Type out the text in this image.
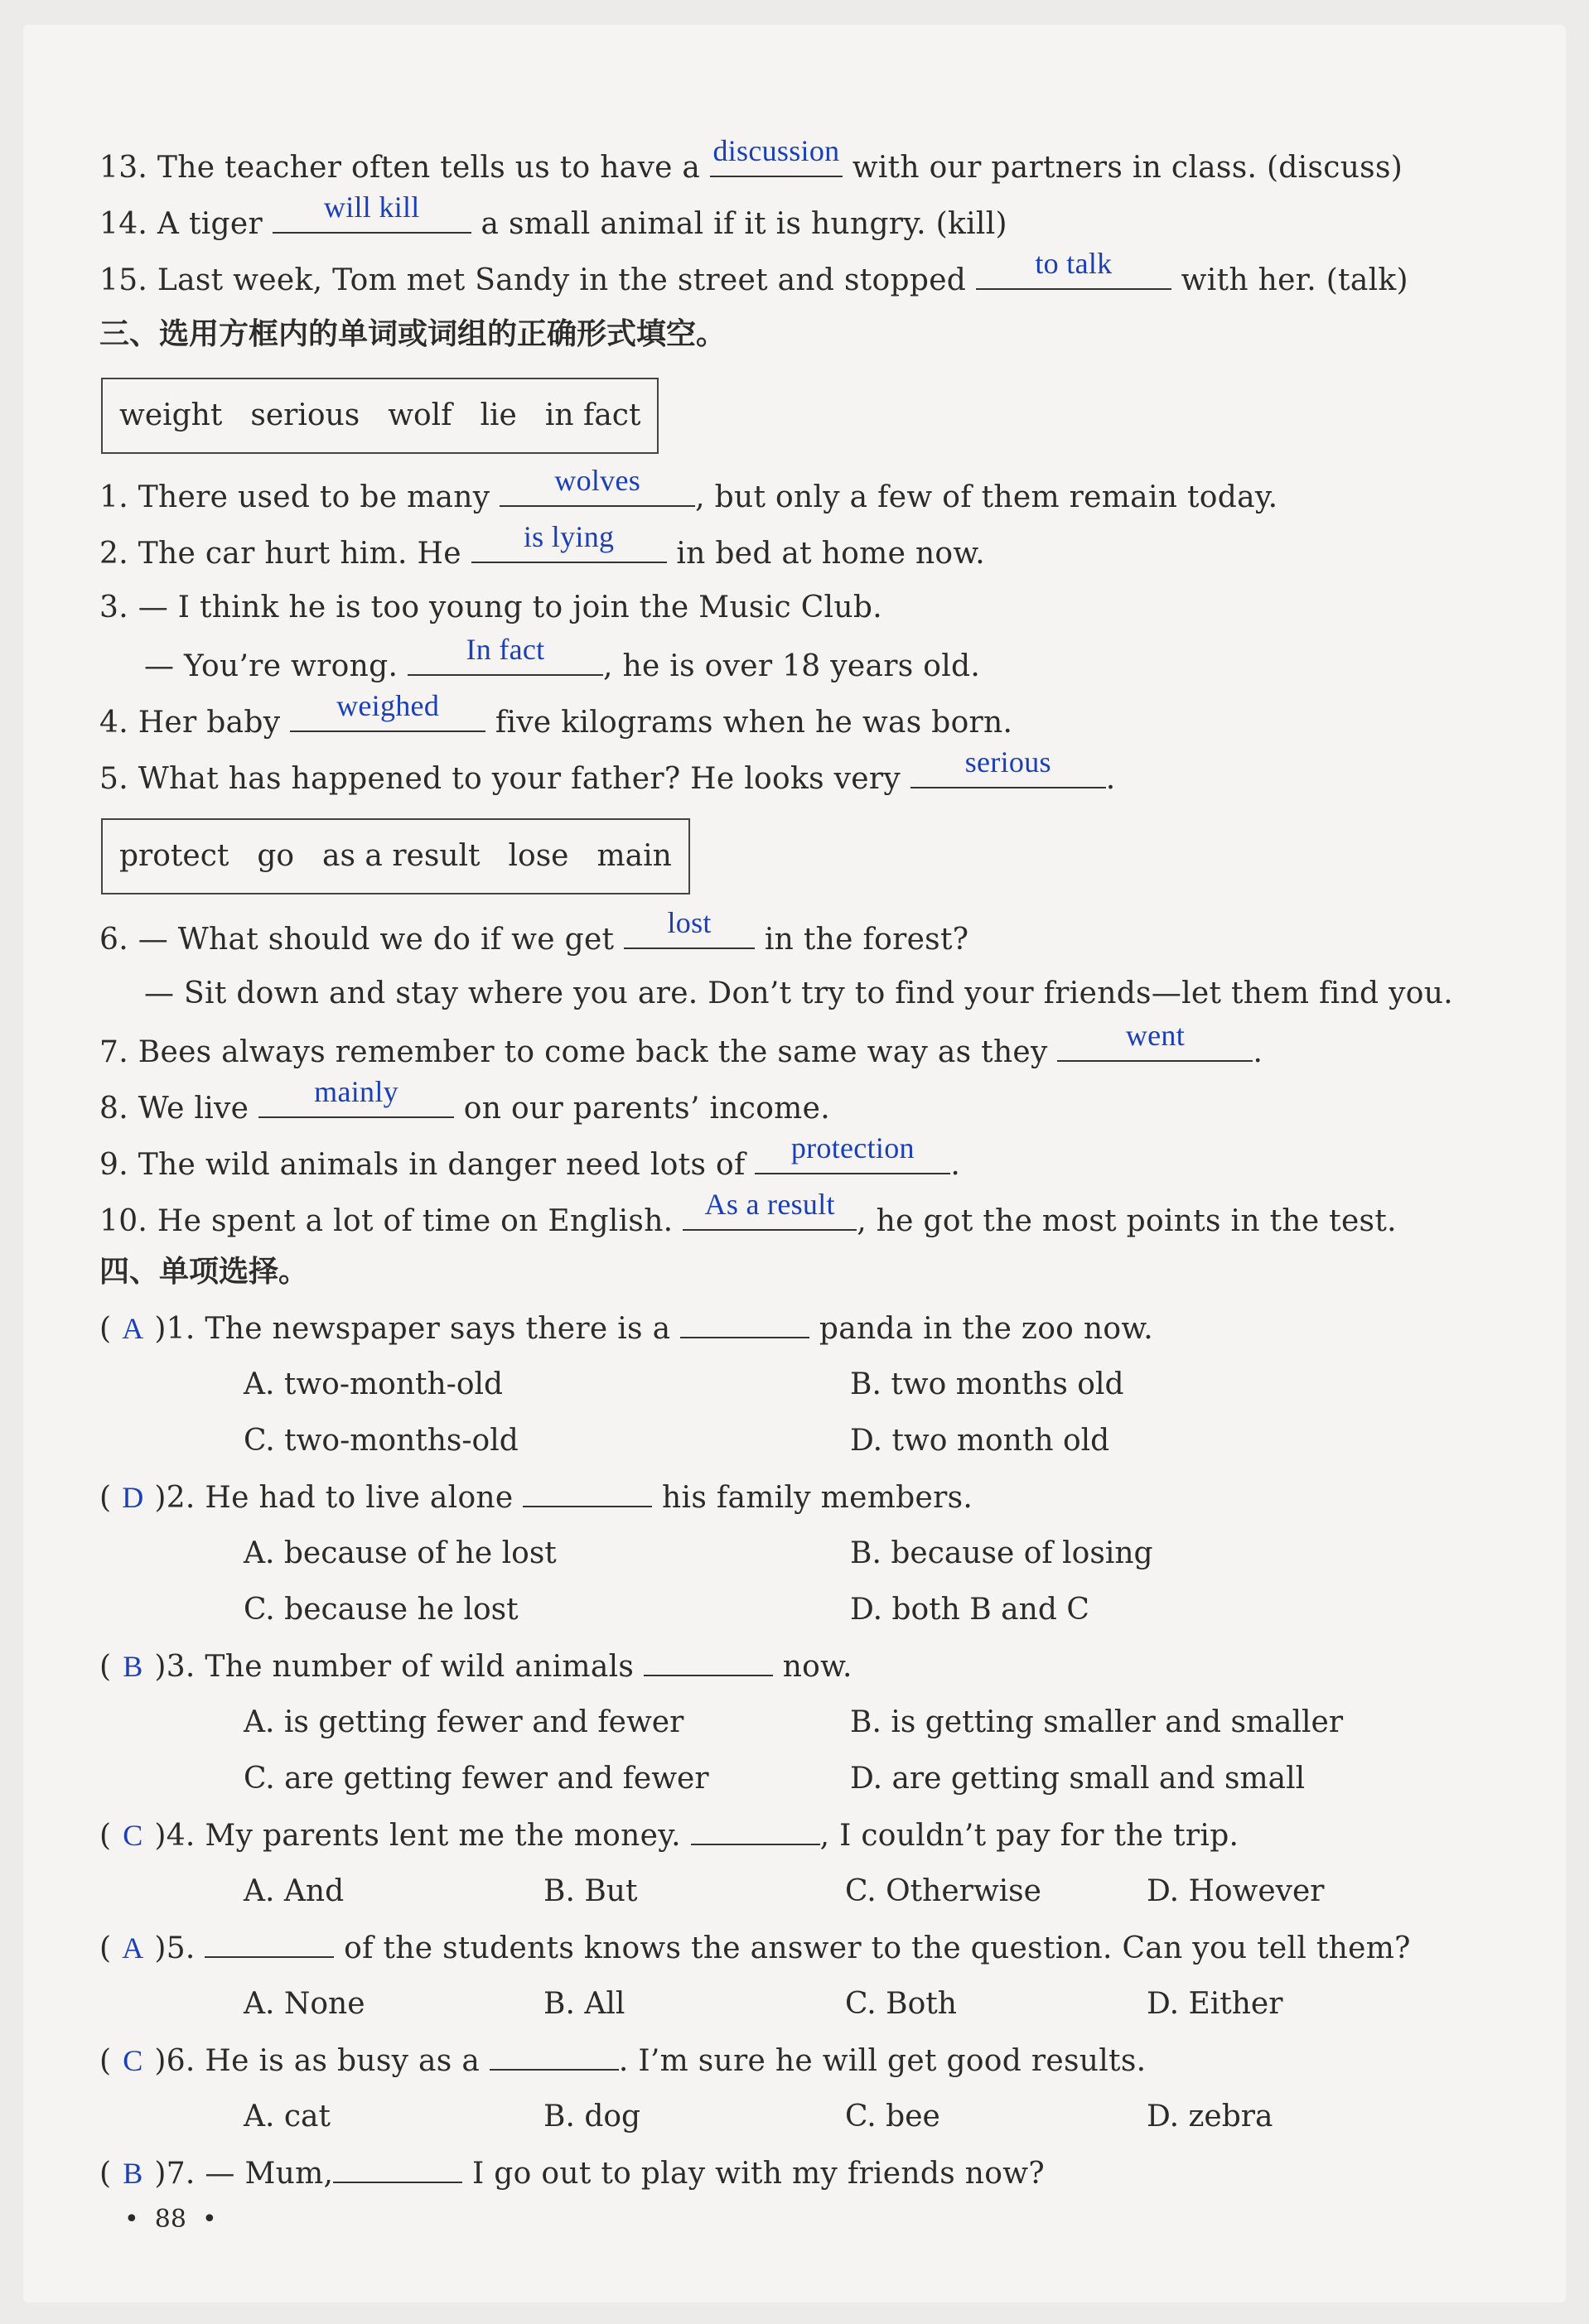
13. The teacher often tells us to have a discussion with our partners in class. (discuss)
14. A tiger	will kill	a small animal if it is hungry. (kill)
15. Last week, Tom met Sandy in the street and stopped	to talk	with her. (talk)
三、选用方框内的单词或词组的正确形式填空。
weight serious wolf lie in fact
1. There used to be many	wolves	, but only a few of them remain today.
2. The car hurt him. He	is lying	in bed at home now.
3. — I think he is too young to join the Music Club.
— You’re wrong.	In fact	, he is over 18 years old.
4. Her baby	weighed	five kilograms when he was born.
5. What has happened to your father? He looks very	serious	.
protect go as a result lose main
6. — What should we do if we get	lost	in the forest?
— Sit down and stay where you are. Don’t try to find your friends—let them find you.
7. Bees always remember to come back the same way as they	went	.
8. We live	mainly	on our parents’ income.
9. The wild animals in danger need lots of	protection	.
10. He spent a lot of time on English.	As a result , he got the most points in the test.
四、单项选择。
( A )1. The newspaper says there is a	panda in the zoo now.
A. two-month-old	B. two months old
C. two-months-old	D. two month old
( D )2. He had to live alone	his family members.
A. because of he lost	B. because of losing
C. because he lost	D. both B and C
( B )3. The number of wild animals	now.
A. is getting fewer and fewer	B. is getting smaller and smaller
C. are getting fewer and fewer	D. are getting small and small
( C )4. My parents lent me the money.	, I couldn’t pay for the trip.
A. And	B. But	C. Otherwise	D. However
( A )5.	of the students knows the answer to the question. Can you tell them?
A. None	B. All	C. Both	D. Either
( C )6. He is as busy as a	. I’m sure he will get good results.
A. cat	B. dog	C. bee	D. zebra
( B )7. — Mum,	I go out to play with my friends now?
•  88  •
